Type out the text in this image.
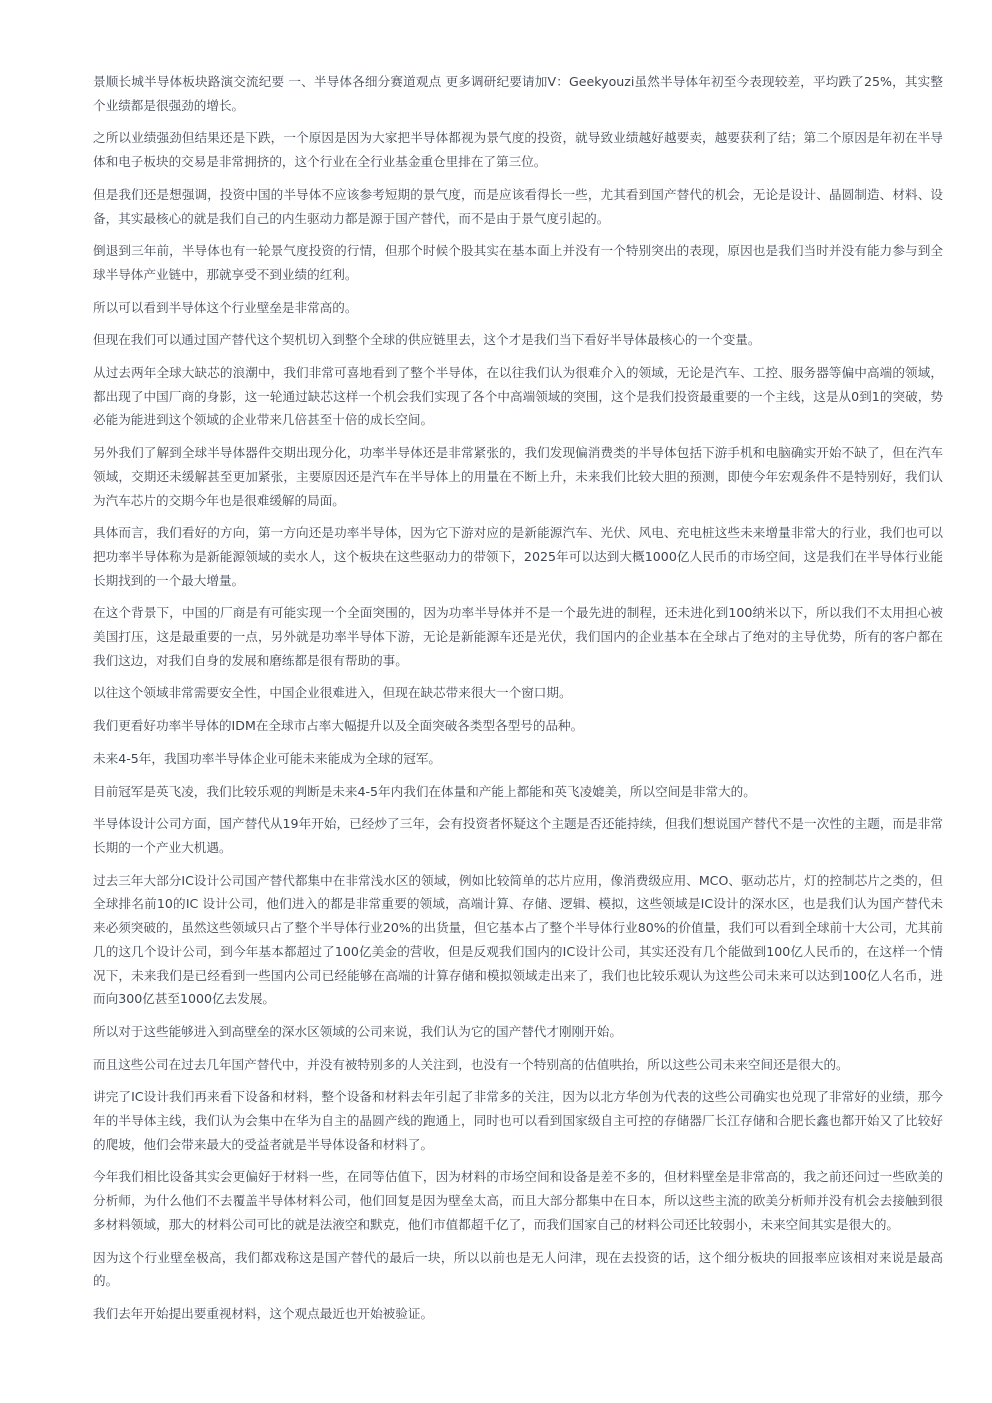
景顺长城半导体板块路演交流纪要 一、半导体各细分赛道观点 更多调研纪要请加V：Geekyouzi虽然半导体年初至今表现较差，平均跌了25%，其实整个业绩都是很强劲的增长。

之所以业绩强劲但结果还是下跌，一个原因是因为大家把半导体都视为景气度的投资，就导致业绩越好越要卖，越要获利了结；第二个原因是年初在半导体和电子板块的交易是非常拥挤的，这个行业在全行业基金重仓里排在了第三位。

但是我们还是想强调，投资中国的半导体不应该参考短期的景气度，而是应该看得长一些，尤其看到国产替代的机会，无论是设计、晶圆制造、材料、设备，其实最核心的就是我们自己的内生驱动力都是源于国产替代，而不是由于景气度引起的。

倒退到三年前，半导体也有一轮景气度投资的行情，但那个时候个股其实在基本面上并没有一个特别突出的表现，原因也是我们当时并没有能力参与到全球半导体产业链中，那就享受不到业绩的红利。

所以可以看到半导体这个行业壁垒是非常高的。

但现在我们可以通过国产替代这个契机切入到整个全球的供应链里去，这个才是我们当下看好半导体最核心的一个变量。

从过去两年全球大缺芯的浪潮中，我们非常可喜地看到了整个半导体，在以往我们认为很难介入的领域，无论是汽车、工控、服务器等偏中高端的领域，都出现了中国厂商的身影，这一轮通过缺芯这样一个机会我们实现了各个中高端领域的突围，这个是我们投资最重要的一个主线，这是从0到1的突破，势必能为能进到这个领域的企业带来几倍甚至十倍的成长空间。

另外我们了解到全球半导体器件交期出现分化，功率半导体还是非常紧张的，我们发现偏消费类的半导体包括下游手机和电脑确实开始不缺了，但在汽车领域，交期还未缓解甚至更加紧张，主要原因还是汽车在半导体上的用量在不断上升，未来我们比较大胆的预测，即使今年宏观条件不是特别好，我们认为汽车芯片的交期今年也是很难缓解的局面。

具体而言，我们看好的方向，第一方向还是功率半导体，因为它下游对应的是新能源汽车、光伏、风电、充电桩这些未来增量非常大的行业，我们也可以把功率半导体称为是新能源领域的卖水人，这个板块在这些驱动力的带领下，2025年可以达到大概1000亿人民币的市场空间，这是我们在半导体行业能长期找到的一个最大增量。

在这个背景下，中国的厂商是有可能实现一个全面突围的，因为功率半导体并不是一个最先进的制程，还未进化到100纳米以下，所以我们不太用担心被美国打压，这是最重要的一点，另外就是功率半导体下游，无论是新能源车还是光伏，我们国内的企业基本在全球占了绝对的主导优势，所有的客户都在我们这边，对我们自身的发展和磨练都是很有帮助的事。

以往这个领域非常需要安全性，中国企业很难进入，但现在缺芯带来很大一个窗口期。

我们更看好功率半导体的IDM在全球市占率大幅提升以及全面突破各类型各型号的品种。

未来4-5年，我国功率半导体企业可能未来能成为全球的冠军。

目前冠军是英飞凌，我们比较乐观的判断是未来4-5年内我们在体量和产能上都能和英飞凌媲美，所以空间是非常大的。

半导体设计公司方面，国产替代从19年开始，已经炒了三年，会有投资者怀疑这个主题是否还能持续，但我们想说国产替代不是一次性的主题，而是非常长期的一个产业大机遇。

过去三年大部分IC设计公司国产替代都集中在非常浅水区的领域，例如比较简单的芯片应用，像消费级应用、MCO、驱动芯片，灯的控制芯片之类的，但全球排名前10的IC 设计公司，他们进入的都是非常重要的领域，高端计算、存储、逻辑、模拟，这些领域是IC设计的深水区，也是我们认为国产替代未来必须突破的，虽然这些领域只占了整个半导体行业20%的出货量，但它基本占了整个半导体行业80%的价值量，我们可以看到全球前十大公司，尤其前几的这几个设计公司，到今年基本都超过了100亿美金的营收，但是反观我们国内的IC设计公司，其实还没有几个能做到100亿人民币的，在这样一个情况下，未来我们是已经看到一些国内公司已经能够在高端的计算存储和模拟领域走出来了，我们也比较乐观认为这些公司未来可以达到100亿人名币，进而向300亿甚至1000亿去发展。

所以对于这些能够进入到高壁垒的深水区领域的公司来说，我们认为它的国产替代才刚刚开始。

而且这些公司在过去几年国产替代中，并没有被特别多的人关注到，也没有一个特别高的估值哄抬，所以这些公司未来空间还是很大的。

讲完了IC设计我们再来看下设备和材料，整个设备和材料去年引起了非常多的关注，因为以北方华创为代表的这些公司确实也兑现了非常好的业绩，那今年的半导体主线，我们认为会集中在华为自主的晶圆产线的跑通上，同时也可以看到国家级自主可控的存储器厂长江存储和合肥长鑫也都开始又了比较好的爬坡，他们会带来最大的受益者就是半导体设备和材料了。

今年我们相比设备其实会更偏好于材料一些，在同等估值下，因为材料的市场空间和设备是差不多的，但材料壁垒是非常高的，我之前还问过一些欧美的分析师，为什么他们不去覆盖半导体材料公司，他们回复是因为壁垒太高，而且大部分都集中在日本，所以这些主流的欧美分析师并没有机会去接触到很多材料领域，那大的材料公司可比的就是法液空和默克，他们市值都超千亿了，而我们国家自己的材料公司还比较弱小，未来空间其实是很大的。

因为这个行业壁垒极高，我们都戏称这是国产替代的最后一块，所以以前也是无人问津，现在去投资的话，这个细分板块的回报率应该相对来说是最高的。

我们去年开始提出要重视材料，这个观点最近也开始被验证。
